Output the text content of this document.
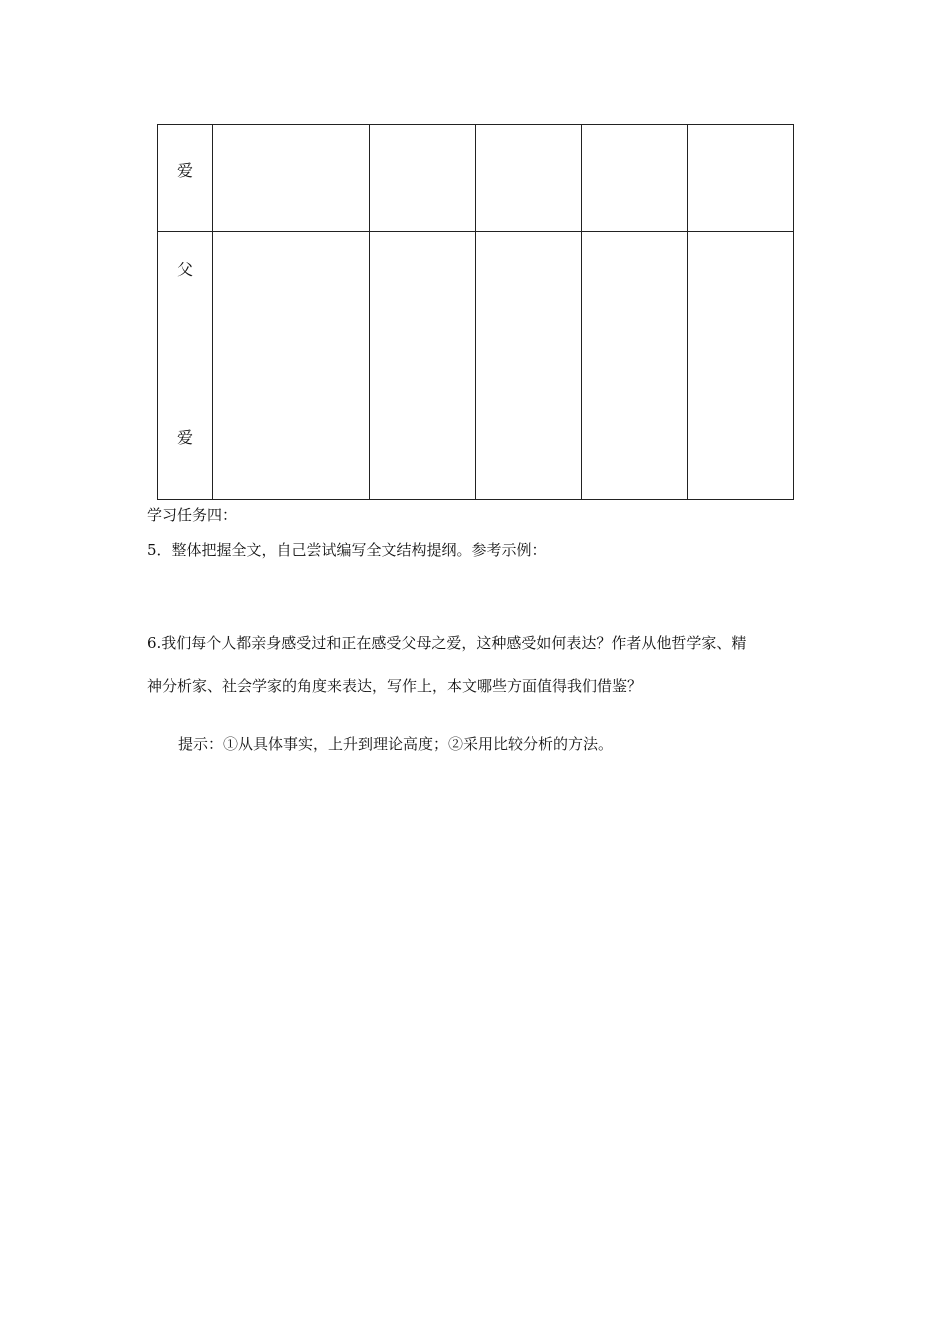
爱					

父
爱					

学习任务四：
5．整体把握全文，自己尝试编写全文结构提纲。参考示例：
6.我们每个人都亲身感受过和正在感受父母之爱，这种感受如何表达？作者从他哲学家、精
神分析家、社会学家的角度来表达，写作上，本文哪些方面值得我们借鉴？
提示：①从具体事实，上升到理论高度；②采用比较分析的方法。
